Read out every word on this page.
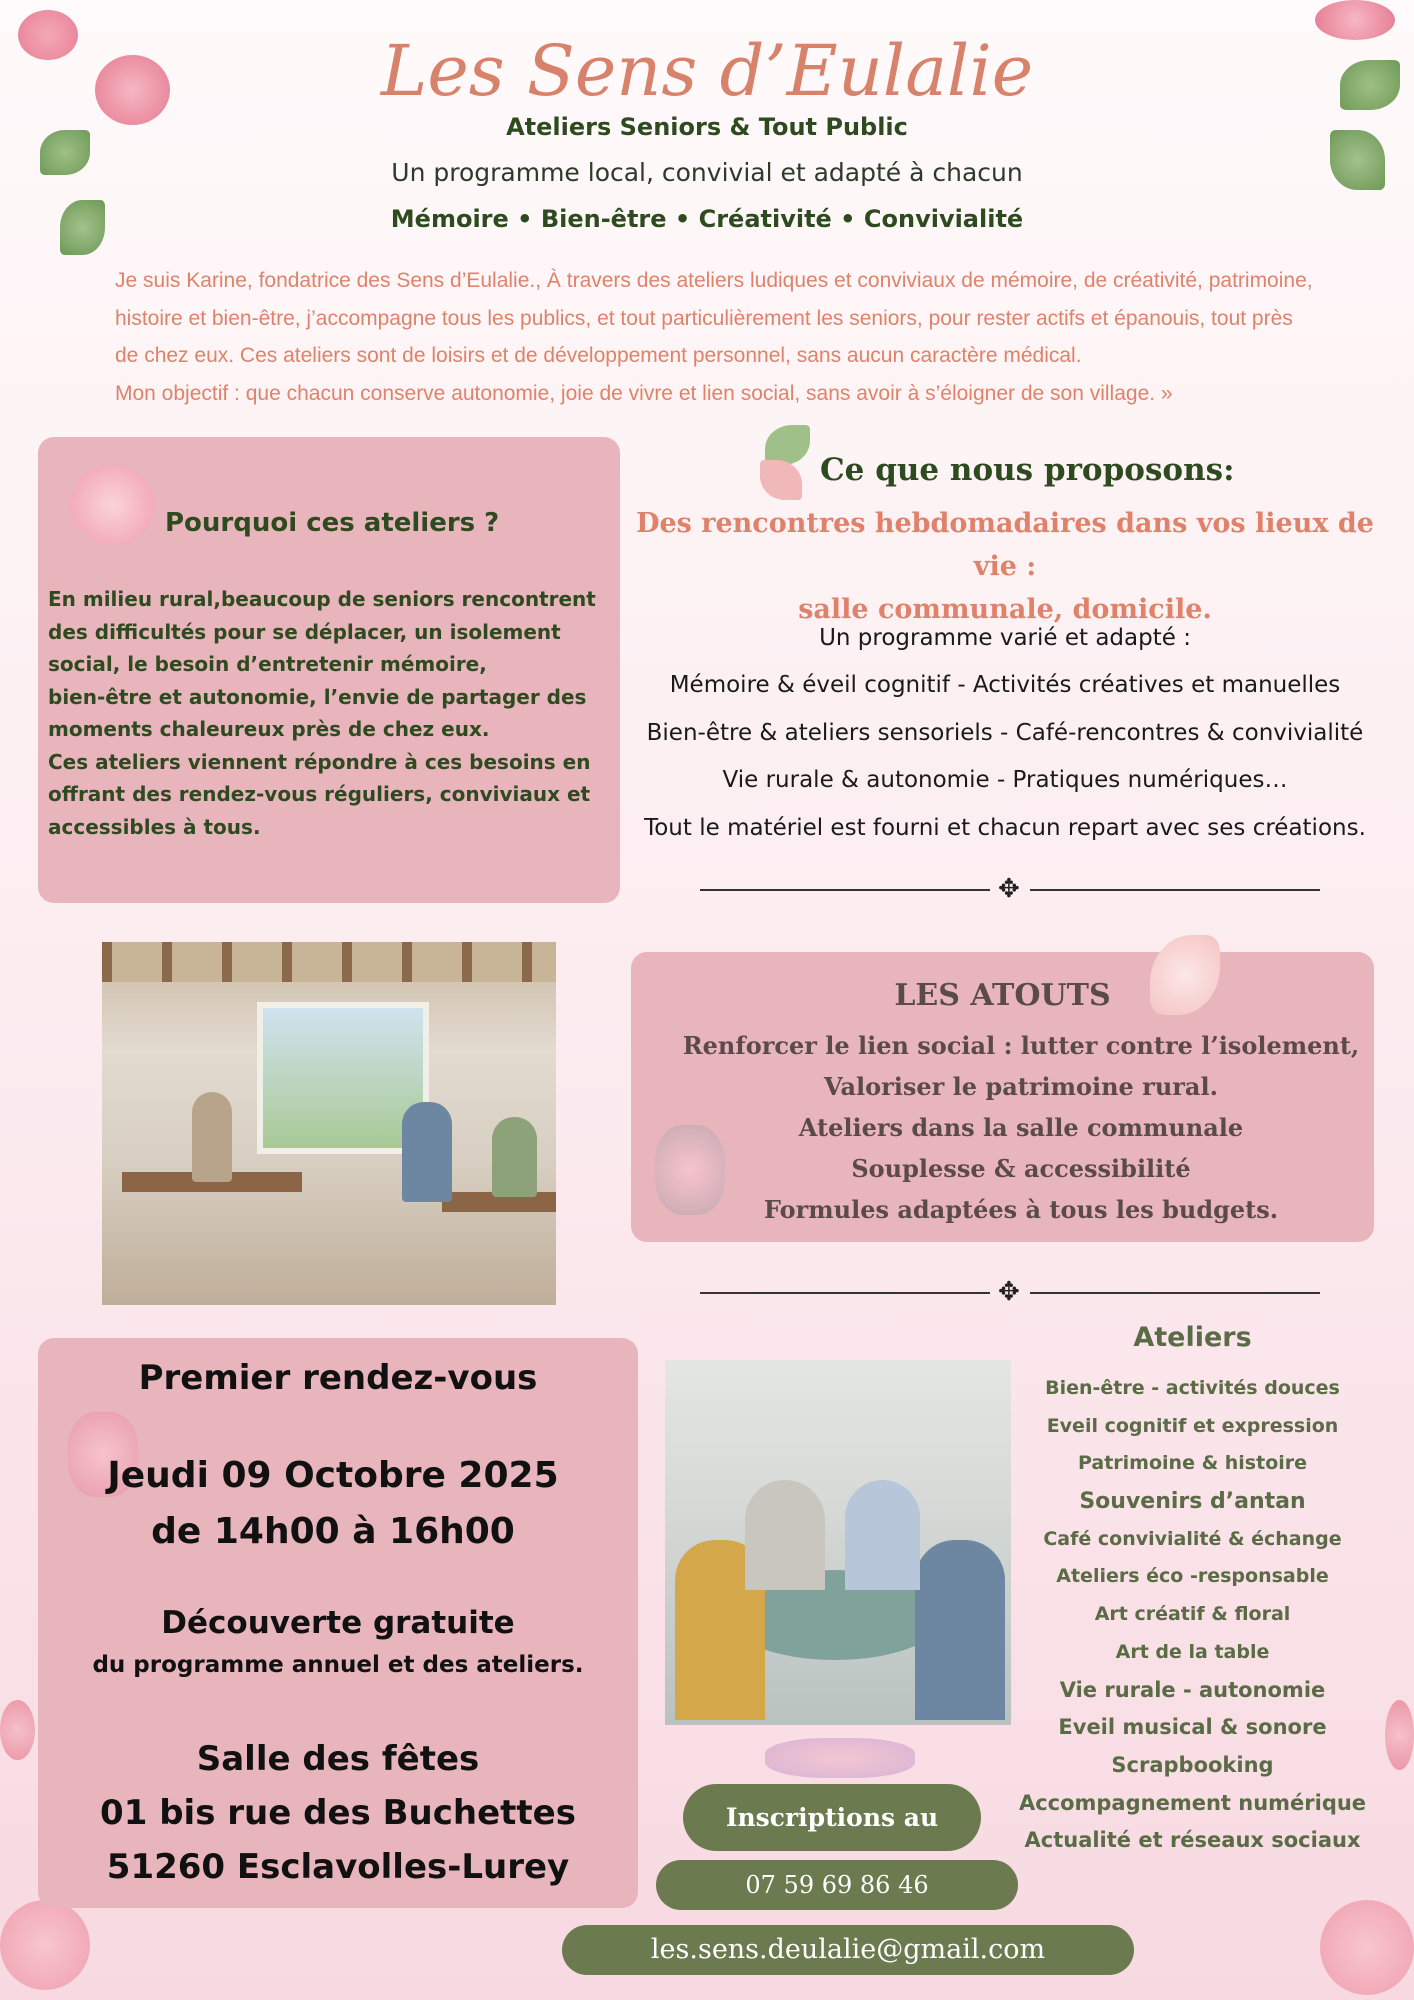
Les Sens d’Eulalie
Ateliers Seniors & Tout Public
Un programme local, convivial et adapté à chacun
Mémoire • Bien-être • Créativité • Convivialité
Je suis Karine, fondatrice des Sens d’Eulalie., À travers des ateliers ludiques et conviviaux de mémoire, de créativité, patrimoine,
histoire et bien-être, j’accompagne tous les publics, et tout particulièrement les seniors, pour rester actifs et épanouis, tout près
de chez eux. Ces ateliers sont de loisirs et de développement personnel, sans aucun caractère médical.
Mon objectif : que chacun conserve autonomie, joie de vivre et lien social, sans avoir à s’éloigner de son village. »
Pourquoi ces ateliers ?
En milieu rural,beaucoup de seniors rencontrent
des difficultés pour se déplacer, un isolement
social, le besoin d’entretenir mémoire,
bien-être et autonomie, l’envie de partager des
moments chaleureux près de chez eux.
Ces ateliers viennent répondre à ces besoins en
offrant des rendez-vous réguliers, conviviaux et
accessibles à tous.
Ce que nous proposons:
Des rencontres hebdomadaires dans vos lieux de vie :
salle communale, domicile.
Un programme varié et adapté :
Mémoire & éveil cognitif - Activités créatives et manuelles
Bien-être & ateliers sensoriels - Café-rencontres & convivialité
Vie rurale & autonomie - Pratiques numériques…
Tout le matériel est fourni et chacun repart avec ses créations.
✥
LES ATOUTS
Renforcer le lien social : lutter contre l’isolement,
Valoriser le patrimoine rural.
Ateliers dans la salle communale
Souplesse & accessibilité
Formules adaptées à tous les budgets.
✥
Premier rendez-vous
Jeudi 09 Octobre 2025
de 14h00 à 16h00
Découverte gratuite
du programme annuel et des ateliers.
Salle des fêtes
01 bis rue des Buchettes
51260 Esclavolles-Lurey
Ateliers
Bien-être - activités douces
Eveil cognitif et expression
Patrimoine & histoire
Souvenirs d’antan
Café convivialité & échange
Ateliers éco -responsable
Art créatif & floral
Art de la table
Vie rurale - autonomie
Eveil musical & sonore
Scrapbooking
Accompagnement numérique
Actualité et réseaux sociaux
Inscriptions au
07 59 69 86 46
les.sens.deulalie@gmail.com
